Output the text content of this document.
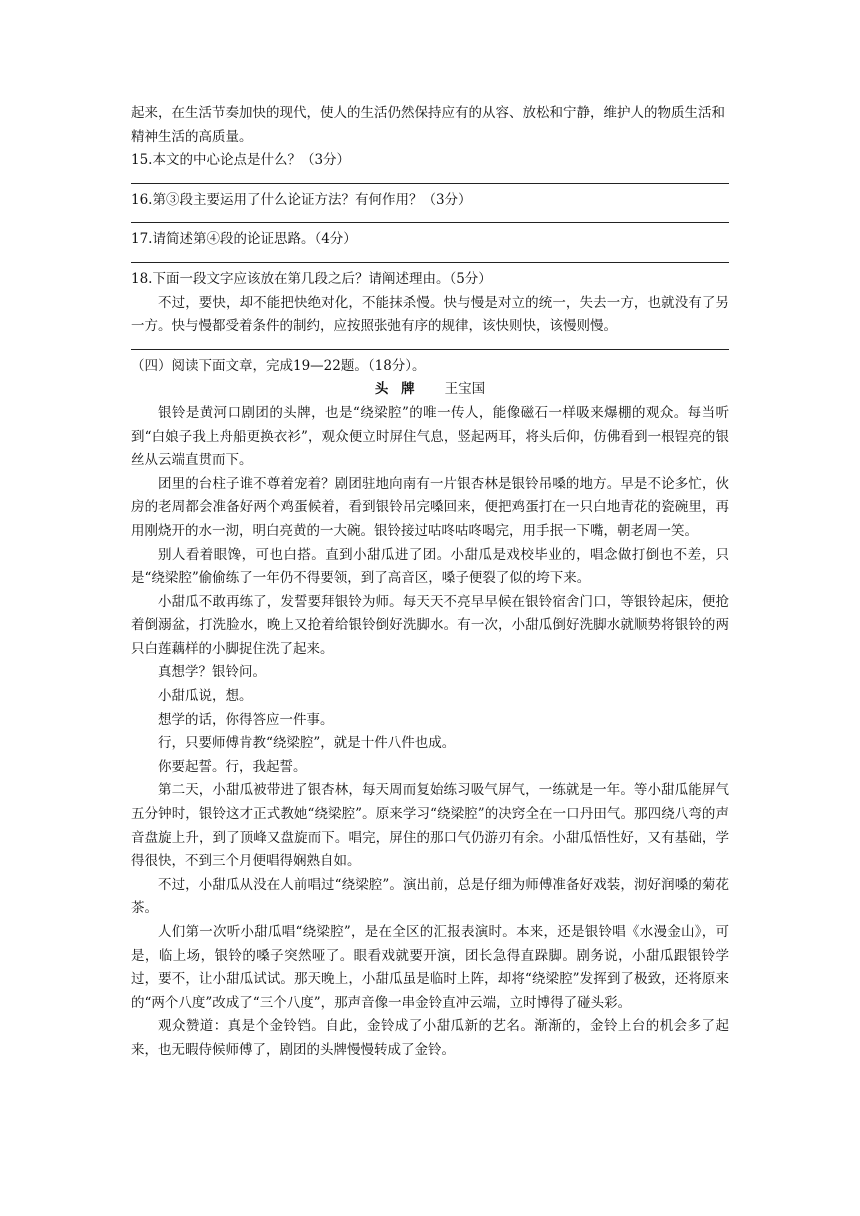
起来，在生活节奏加快的现代，使人的生活仍然保持应有的从容、放松和宁静，维护人的物质生活和精神生活的高质量。

15.本文的中心论点是什么？（3分）

16.第③段主要运用了什么论证方法？有何作用？（3分）

17.请简述第④段的论证思路。（4分）

18.下面一段文字应该放在第几段之后？请阐述理由。（5分）

不过，要快，却不能把快绝对化，不能抹杀慢。快与慢是对立的统一，失去一方，也就没有了另一方。快与慢都受着条件的制约，应按照张弛有序的规律，该快则快，该慢则慢。

（四）阅读下面文章，完成19—22题。（18分）。

头 牌 王宝国

银铃是黄河口剧团的头牌，也是“绕梁腔”的唯一传人，能像磁石一样吸来爆棚的观众。每当听到“白娘子我上舟船更换衣衫”，观众便立时屏住气息，竖起两耳，将头后仰，仿佛看到一根锃亮的银丝从云端直贯而下。

团里的台柱子谁不尊着宠着？剧团驻地向南有一片银杏林是银铃吊嗓的地方。早是不论多忙，伙房的老周都会准备好两个鸡蛋候着，看到银铃吊完嗓回来，便把鸡蛋打在一只白地青花的瓷碗里，再用刚烧开的水一沏，明白亮黄的一大碗。银铃接过咕咚咕咚喝完，用手抿一下嘴，朝老周一笑。

别人看着眼馋，可也白搭。直到小甜瓜进了团。小甜瓜是戏校毕业的，唱念做打倒也不差，只是“绕梁腔”偷偷练了一年仍不得要领，到了高音区，嗓子便裂了似的垮下来。

小甜瓜不敢再练了，发誓要拜银铃为师。每天天不亮早早候在银铃宿舍门口，等银铃起床，便抢着倒溺盆，打洗脸水，晚上又抢着给银铃倒好洗脚水。有一次，小甜瓜倒好洗脚水就顺势将银铃的两只白莲藕样的小脚捉住洗了起来。

真想学？银铃问。

小甜瓜说，想。

想学的话，你得答应一件事。

行，只要师傅肯教“绕梁腔”，就是十件八件也成。

你要起誓。行，我起誓。

第二天，小甜瓜被带进了银杏林，每天周而复始练习吸气屏气，一练就是一年。等小甜瓜能屏气五分钟时，银铃这才正式教她“绕梁腔”。原来学习“绕梁腔”的决窍全在一口丹田气。那四绕八弯的声音盘旋上升，到了顶峰又盘旋而下。唱完，屏住的那口气仍游刃有余。小甜瓜悟性好，又有基础，学得很快，不到三个月便唱得娴熟自如。

不过，小甜瓜从没在人前唱过“绕梁腔”。演出前，总是仔细为师傅准备好戏装，沏好润嗓的菊花茶。

人们第一次听小甜瓜唱“绕梁腔”，是在全区的汇报表演时。本来，还是银铃唱《水漫金山》，可是，临上场，银铃的嗓子突然哑了。眼看戏就要开演，团长急得直跺脚。剧务说，小甜瓜跟银铃学过，要不，让小甜瓜试试。那天晚上，小甜瓜虽是临时上阵，却将“绕梁腔”发挥到了极致，还将原来的“两个八度”改成了“三个八度”，那声音像一串金铃直冲云端，立时博得了碰头彩。

观众赞道：真是个金铃铛。自此，金铃成了小甜瓜新的艺名。渐渐的，金铃上台的机会多了起来，也无暇侍候师傅了，剧团的头牌慢慢转成了金铃。
